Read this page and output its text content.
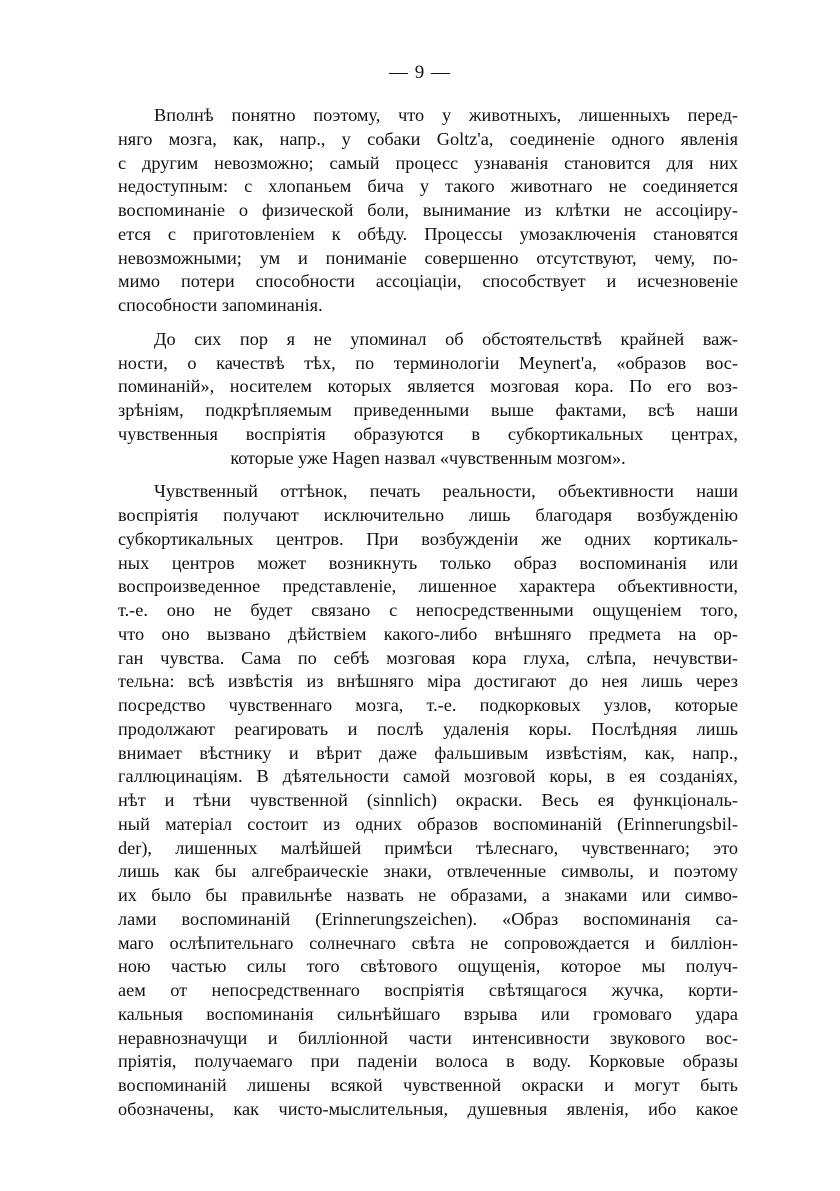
— 9 —
Вполнѣ понятно поэтому, что у животныхъ, лишенныхъ перед-
няго мозга, как, напр., у собаки Goltz'а, соединеніе одного явленія
с другим невозможно; самый процесс узнаванія становится для них
недоступным: с хлопаньем бича у такого животнаго не соединяется
воспоминаніе о физической боли, вынимание из клѣтки не ассоціиру-
ется с приготовленіем к обѣду. Процессы умозаключенія становятся
невозможными; ум и пониманіе совершенно отсутствуют, чему, по-
мимо потери способности ассоціаціи, способствует и исчезновеніе
способности запоминанія.
До сих пор я не упоминал об обстоятельствѣ крайней важ-
ности, о качествѣ тѣх, по терминологіи Meynert'а, «образов вос-
поминаній», носителем которых является мозговая кора. По его воз-
зрѣніям, подкрѣпляемым приведенными выше фактами, всѣ наши
чувственныя воспріятія образуются в субкортикальных центрах,
которые уже Hagen назвал «чувственным мозгом».
Чувственный оттѣнок, печать реальности, объективности наши
воспріятія получают исключительно лишь благодаря возбужденію
субкортикальных центров. При возбужденіи же одних кортикаль-
ных центров может возникнуть только образ воспоминанія или
воспроизведенное представленіе, лишенное характера объективности,
т.-е. оно не будет связано с непосредственными ощущеніем того,
что оно вызвано дѣйствіем какого-либо внѣшняго предмета на ор-
ган чувства. Сама по себѣ мозговая кора глуха, слѣпа, нечувстви-
тельна: всѣ извѣстія из внѣшняго міра достигают до нея лишь через
посредство чувственнаго мозга, т.-е. подкорковых узлов, которые
продолжают реагировать и послѣ удаленія коры. Послѣдняя лишь
внимает вѣстнику и вѣрит даже фальшивым извѣстіям, как, напр.,
галлюцинаціям. В дѣятельности самой мозговой коры, в ея созданіях,
нѣт и тѣни чувственной (sinnlich) окраски. Весь ея функціональ-
ный матеріал состоит из одних образов воспоминаній (Erinnerungsbil-
der), лишенных малѣйшей примѣси тѣлеснаго, чувственнаго; это
лишь как бы алгебраическіе знаки, отвлеченные символы, и поэтому
их было бы правильнѣе назвать не образами, а знаками или симво-
лами воспоминаній (Erinnerungszeichen). «Образ воспоминанія са-
маго ослѣпительнаго солнечнаго свѣта не сопровождается и билліон-
ною частью силы того свѣтового ощущенія, которое мы получ-
аем от непосредственнаго воспріятія свѣтящагося жучка, корти-
кальныя воспоминанія сильнѣйшаго взрыва или громоваго удара
неравнозначущи и билліонной части интенсивности звукового вос-
пріятія, получаемаго при паденіи волоса в воду. Корковые образы
воспоминаній лишены всякой чувственной окраски и могут быть
обозначены, как чисто-мыслительныя, душевныя явленія, ибо какое
